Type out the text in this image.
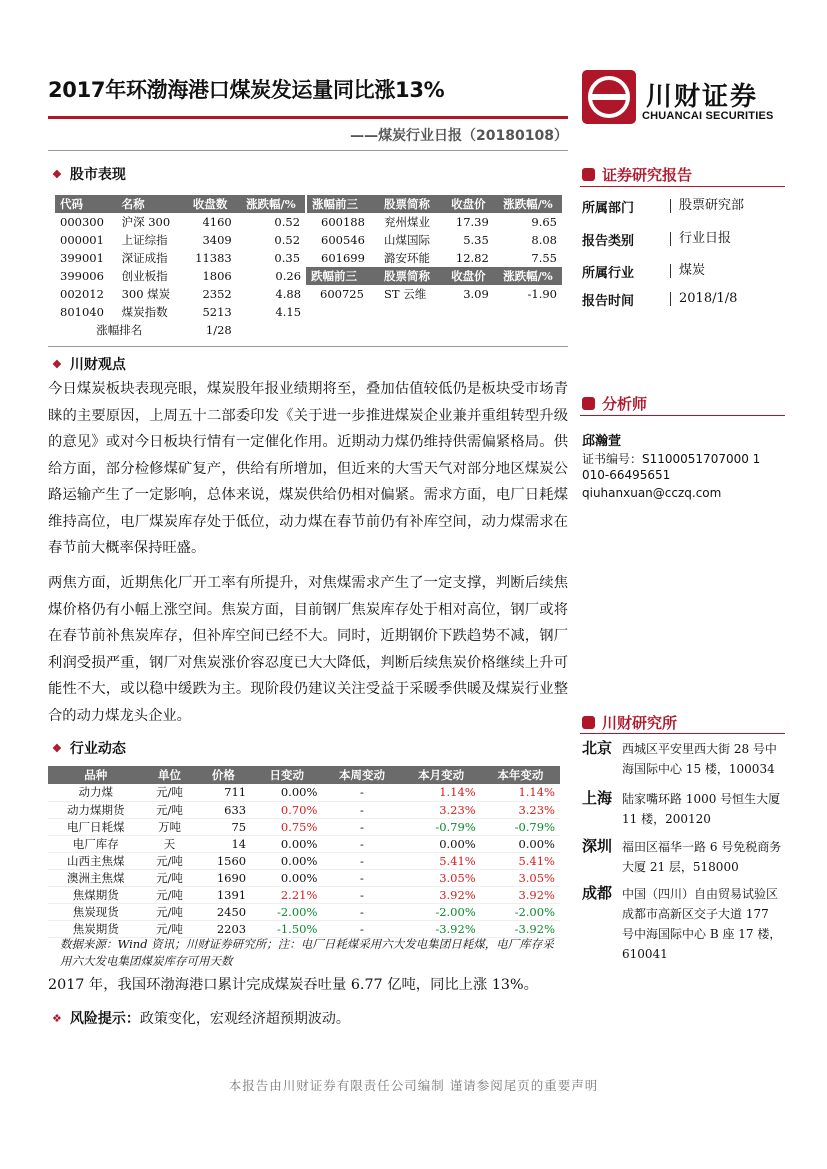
2017年环渤海港口煤炭发运量同比涨13%
——煤炭行业日报（20180108）
川财证券
CHUANCAI SECURITIES
❖ 股市表现
代码	名称	收盘数	涨跌幅/%	涨幅前三	股票简称	收盘价	涨跌幅/%
000300	沪深 300	4160	0.52	600188	兖州煤业	17.39	9.65
000001	上证综指	3409	0.52	600546	山煤国际	5.35	8.08
399001	深证成指	11383	0.35	601699	潞安环能	12.82	7.55
399006	创业板指	1806	0.26	跌幅前三	股票简称	收盘价	涨跌幅/%
002012	300 煤炭	2352	4.88	600725	ST 云维	3.09	-1.90
801040	煤炭指数	5213	4.15				
涨幅排名		1/28					
❖ 川财观点
今日煤炭板块表现亮眼，煤炭股年报业绩期将至，叠加估值较低仍是板块受市场青睐的主要原因，上周五十二部委印发《关于进一步推进煤炭企业兼并重组转型升级的意见》或对今日板块行情有一定催化作用。近期动力煤仍维持供需偏紧格局。供给方面，部分检修煤矿复产，供给有所增加，但近来的大雪天气对部分地区煤炭公路运输产生了一定影响，总体来说，煤炭供给仍相对偏紧。需求方面，电厂日耗煤维持高位，电厂煤炭库存处于低位，动力煤在春节前仍有补库空间，动力煤需求在春节前大概率保持旺盛。
两焦方面，近期焦化厂开工率有所提升，对焦煤需求产生了一定支撑，判断后续焦煤价格仍有小幅上涨空间。焦炭方面，目前钢厂焦炭库存处于相对高位，钢厂或将在春节前补焦炭库存，但补库空间已经不大。同时，近期钢价下跌趋势不减，钢厂利润受损严重，钢厂对焦炭涨价容忍度已大大降低，判断后续焦炭价格继续上升可能性不大，或以稳中缓跌为主。现阶段仍建议关注受益于采暖季供暖及煤炭行业整合的动力煤龙头企业。
❖ 行业动态
品种	单位	价格	日变动	本周变动	本月变动	本年变动
动力煤	元/吨	711	0.00%	-	1.14%	1.14%
动力煤期货	元/吨	633	0.70%	-	3.23%	3.23%
电厂日耗煤	万吨	75	0.75%	-	-0.79%	-0.79%
电厂库存	天	14	0.00%	-	0.00%	0.00%
山西主焦煤	元/吨	1560	0.00%	-	5.41%	5.41%
澳洲主焦煤	元/吨	1690	0.00%	-	3.05%	3.05%
焦煤期货	元/吨	1391	2.21%	-	3.92%	3.92%
焦炭现货	元/吨	2450	-2.00%	-	-2.00%	-2.00%
焦炭期货	元/吨	2203	-1.50%	-	-3.92%	-3.92%
数据来源：Wind 资讯；川财证券研究所；注：电厂日耗煤采用六大发电集团日耗煤，电厂库存采用六大发电集团煤炭库存可用天数
2017 年，我国环渤海港口累计完成煤炭吞吐量 6.77 亿吨，同比上涨 13%。
❖ 风险提示： 政策变化，宏观经济超预期波动。
证券研究报告
所属部门	股票研究部
报告类别	行业日报
所属行业	煤炭
报告时间	2018/1/8
分析师
邱瀚萱
证书编号：S1100051707000 1
010-66495651
qiuhanxuan@cczq.com
川财研究所
北京 西城区平安里西大街 28 号中海国际中心 15 楼，100034
上海 陆家嘴环路 1000 号恒生大厦 11 楼，200120
深圳 福田区福华一路 6 号免税商务大厦 21 层，518000
成都 中国（四川）自由贸易试验区成都市高新区交子大道 177 号中海国际中心 B 座 17 楼，610041
本报告由川财证券有限责任公司编制 谨请参阅尾页的重要声明
